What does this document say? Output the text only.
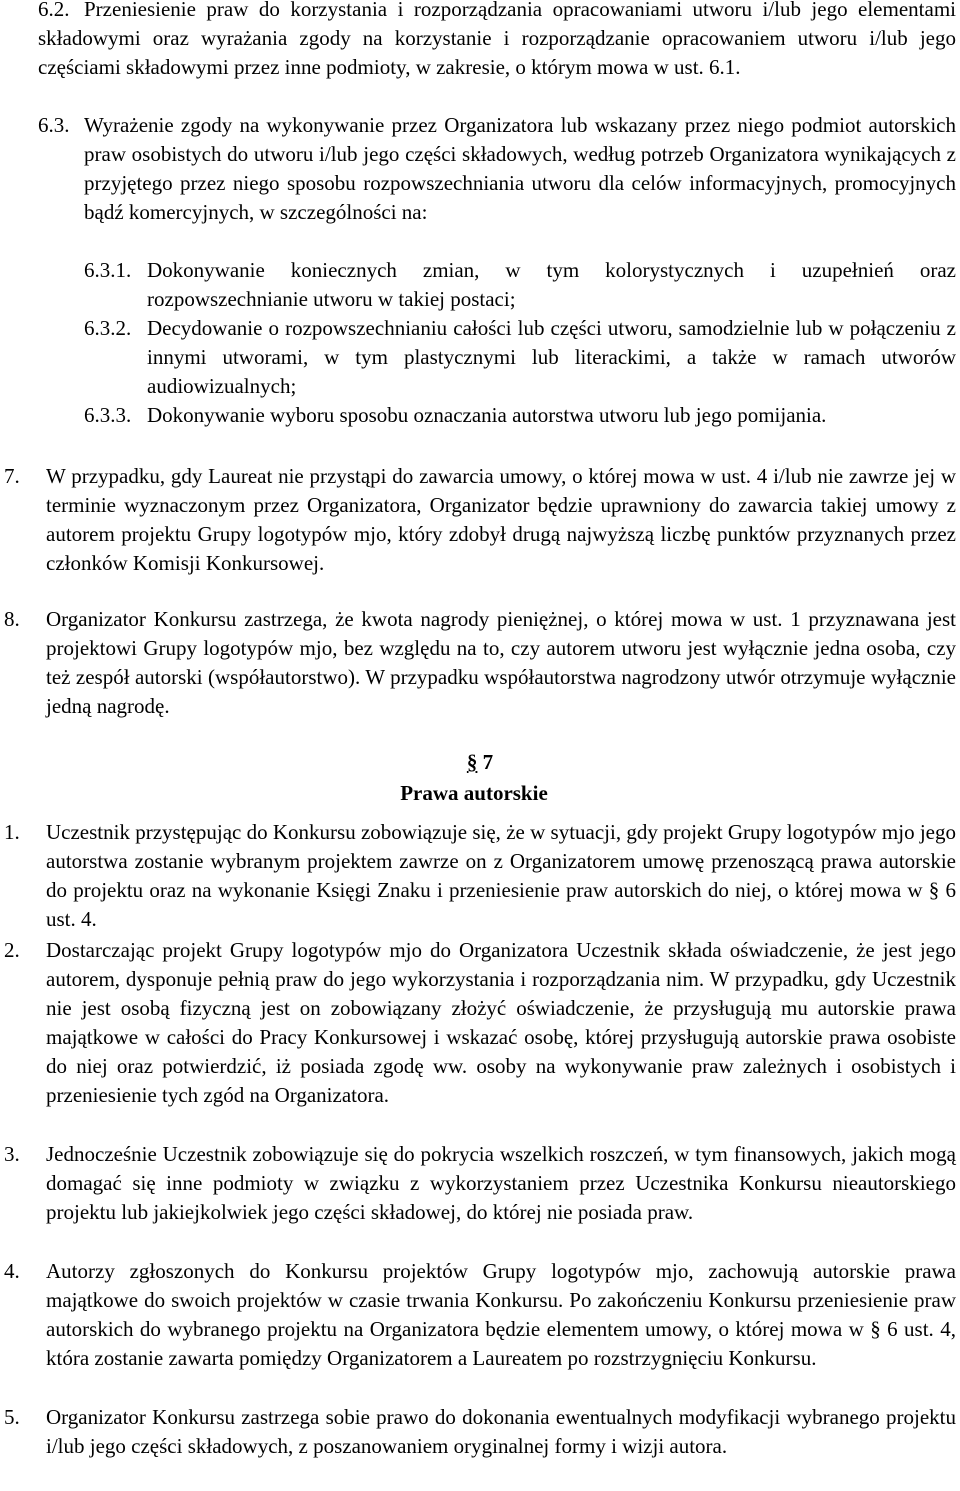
6.2. Przeniesienie praw do korzystania i rozporządzania opracowaniami utworu i/lub jego elementami składowymi oraz wyrażania zgody na korzystanie i rozporządzanie opracowaniem utworu i/lub jego częściami składowymi przez inne podmioty, w zakresie, o którym mowa w ust. 6.1.
6.3. Wyrażenie zgody na wykonywanie przez Organizatora lub wskazany przez niego podmiot autorskich praw osobistych do utworu i/lub jego części składowych, według potrzeb Organizatora wynikających z przyjętego przez niego sposobu rozpowszechniania utworu dla celów informacyjnych, promocyjnych bądź komercyjnych, w szczególności na:
6.3.1. Dokonywanie koniecznych zmian, w tym kolorystycznych i uzupełnień oraz rozpowszechnianie utworu w takiej postaci;
6.3.2. Decydowanie o rozpowszechnianiu całości lub części utworu, samodzielnie lub w połączeniu z innymi utworami, w tym plastycznymi lub literackimi, a także w ramach utworów audiowizualnych;
6.3.3. Dokonywanie wyboru sposobu oznaczania autorstwa utworu lub jego pomijania.
7. W przypadku, gdy Laureat nie przystąpi do zawarcia umowy, o której mowa w ust. 4 i/lub nie zawrze jej w terminie wyznaczonym przez Organizatora, Organizator będzie uprawniony do zawarcia takiej umowy z autorem projektu Grupy logotypów mjo, który zdobył drugą najwyższą liczbę punktów przyznanych przez członków Komisji Konkursowej.
8. Organizator Konkursu zastrzega, że kwota nagrody pieniężnej, o której mowa w ust. 1 przyznawana jest projektowi Grupy logotypów mjo, bez względu na to, czy autorem utworu jest wyłącznie jedna osoba, czy też zespół autorski (współautorstwo). W przypadku współautorstwa nagrodzony utwór otrzymuje wyłącznie jedną nagrodę.
§ 7
Prawa autorskie
1. Uczestnik przystępując do Konkursu zobowiązuje się, że w sytuacji, gdy projekt Grupy logotypów mjo jego autorstwa zostanie wybranym projektem zawrze on z Organizatorem umowę przenoszącą prawa autorskie do projektu oraz na wykonanie Księgi Znaku i przeniesienie praw autorskich do niej, o której mowa w § 6 ust. 4.
2. Dostarczając projekt Grupy logotypów mjo do Organizatora Uczestnik składa oświadczenie, że jest jego autorem, dysponuje pełnią praw do jego wykorzystania i rozporządzania nim. W przypadku, gdy Uczestnik nie jest osobą fizyczną jest on zobowiązany złożyć oświadczenie, że przysługują mu autorskie prawa majątkowe w całości do Pracy Konkursowej i wskazać osobę, której przysługują autorskie prawa osobiste do niej oraz potwierdzić, iż posiada zgodę ww. osoby na wykonywanie praw zależnych i osobistych i przeniesienie tych zgód na Organizatora.
3. Jednocześnie Uczestnik zobowiązuje się do pokrycia wszelkich roszczeń, w tym finansowych, jakich mogą domagać się inne podmioty w związku z wykorzystaniem przez Uczestnika Konkursu nieautorskiego projektu lub jakiejkolwiek jego części składowej, do której nie posiada praw.
4. Autorzy zgłoszonych do Konkursu projektów Grupy logotypów mjo, zachowują autorskie prawa majątkowe do swoich projektów w czasie trwania Konkursu. Po zakończeniu Konkursu przeniesienie praw autorskich do wybranego projektu na Organizatora będzie elementem umowy, o której mowa w § 6 ust. 4, która zostanie zawarta pomiędzy Organizatorem a Laureatem po rozstrzygnięciu Konkursu.
5. Organizator Konkursu zastrzega sobie prawo do dokonania ewentualnych modyfikacji wybranego projektu i/lub jego części składowych, z poszanowaniem oryginalnej formy i wizji autora.
